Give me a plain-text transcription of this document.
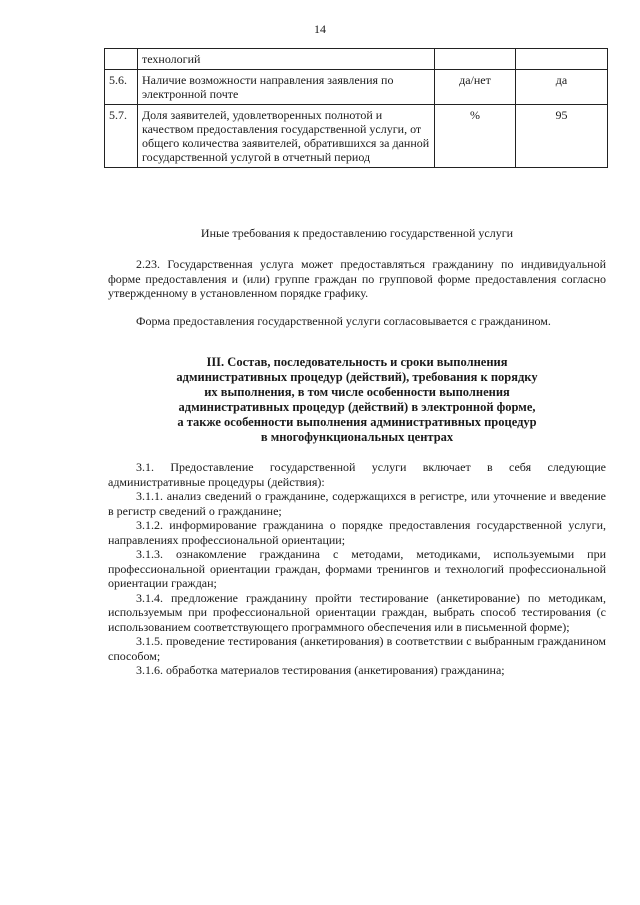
14
	технологий		
5.6.	Наличие возможности направления заявления по электронной почте	да/нет	да
5.7.	Доля заявителей, удовлетворенных полнотой и качеством предоставления государственной услуги, от общего количества заявителей, обратившихся за данной государственной услугой в отчетный период	%	95
Иные требования к предоставлению государственной услуги

2.23. Государственная услуга может предоставляться гражданину по индивидуальной форме предоставления и (или) группе граждан по групповой форме предоставления согласно утвержденному в установленном порядке графику.

Форма предоставления государственной услуги согласовывается с гражданином.

III. Состав, последовательность и сроки выполнения
административных процедур (действий), требования к порядку
их выполнения, в том числе особенности выполнения
административных процедур (действий) в электронной форме,
а также особенности выполнения административных процедур
в многофункциональных центрах

3.1. Предоставление государственной услуги включает в себя следующие административные процедуры (действия):

3.1.1. анализ сведений о гражданине, содержащихся в регистре, или уточнение и введение в регистр сведений о гражданине;

3.1.2. информирование гражданина о порядке предоставления государственной услуги, направлениях профессиональной ориентации;

3.1.3. ознакомление гражданина с методами, методиками, используемыми при профессиональной ориентации граждан, формами тренингов и технологий профессиональной ориентации граждан;

3.1.4. предложение гражданину пройти тестирование (анкетирование) по методикам, используемым при профессиональной ориентации граждан, выбрать способ тестирования (с использованием соответствующего программного обеспечения или в письменной форме);

3.1.5. проведение тестирования (анкетирования) в соответствии с выбранным гражданином способом;

3.1.6. обработка материалов тестирования (анкетирования) гражданина;
